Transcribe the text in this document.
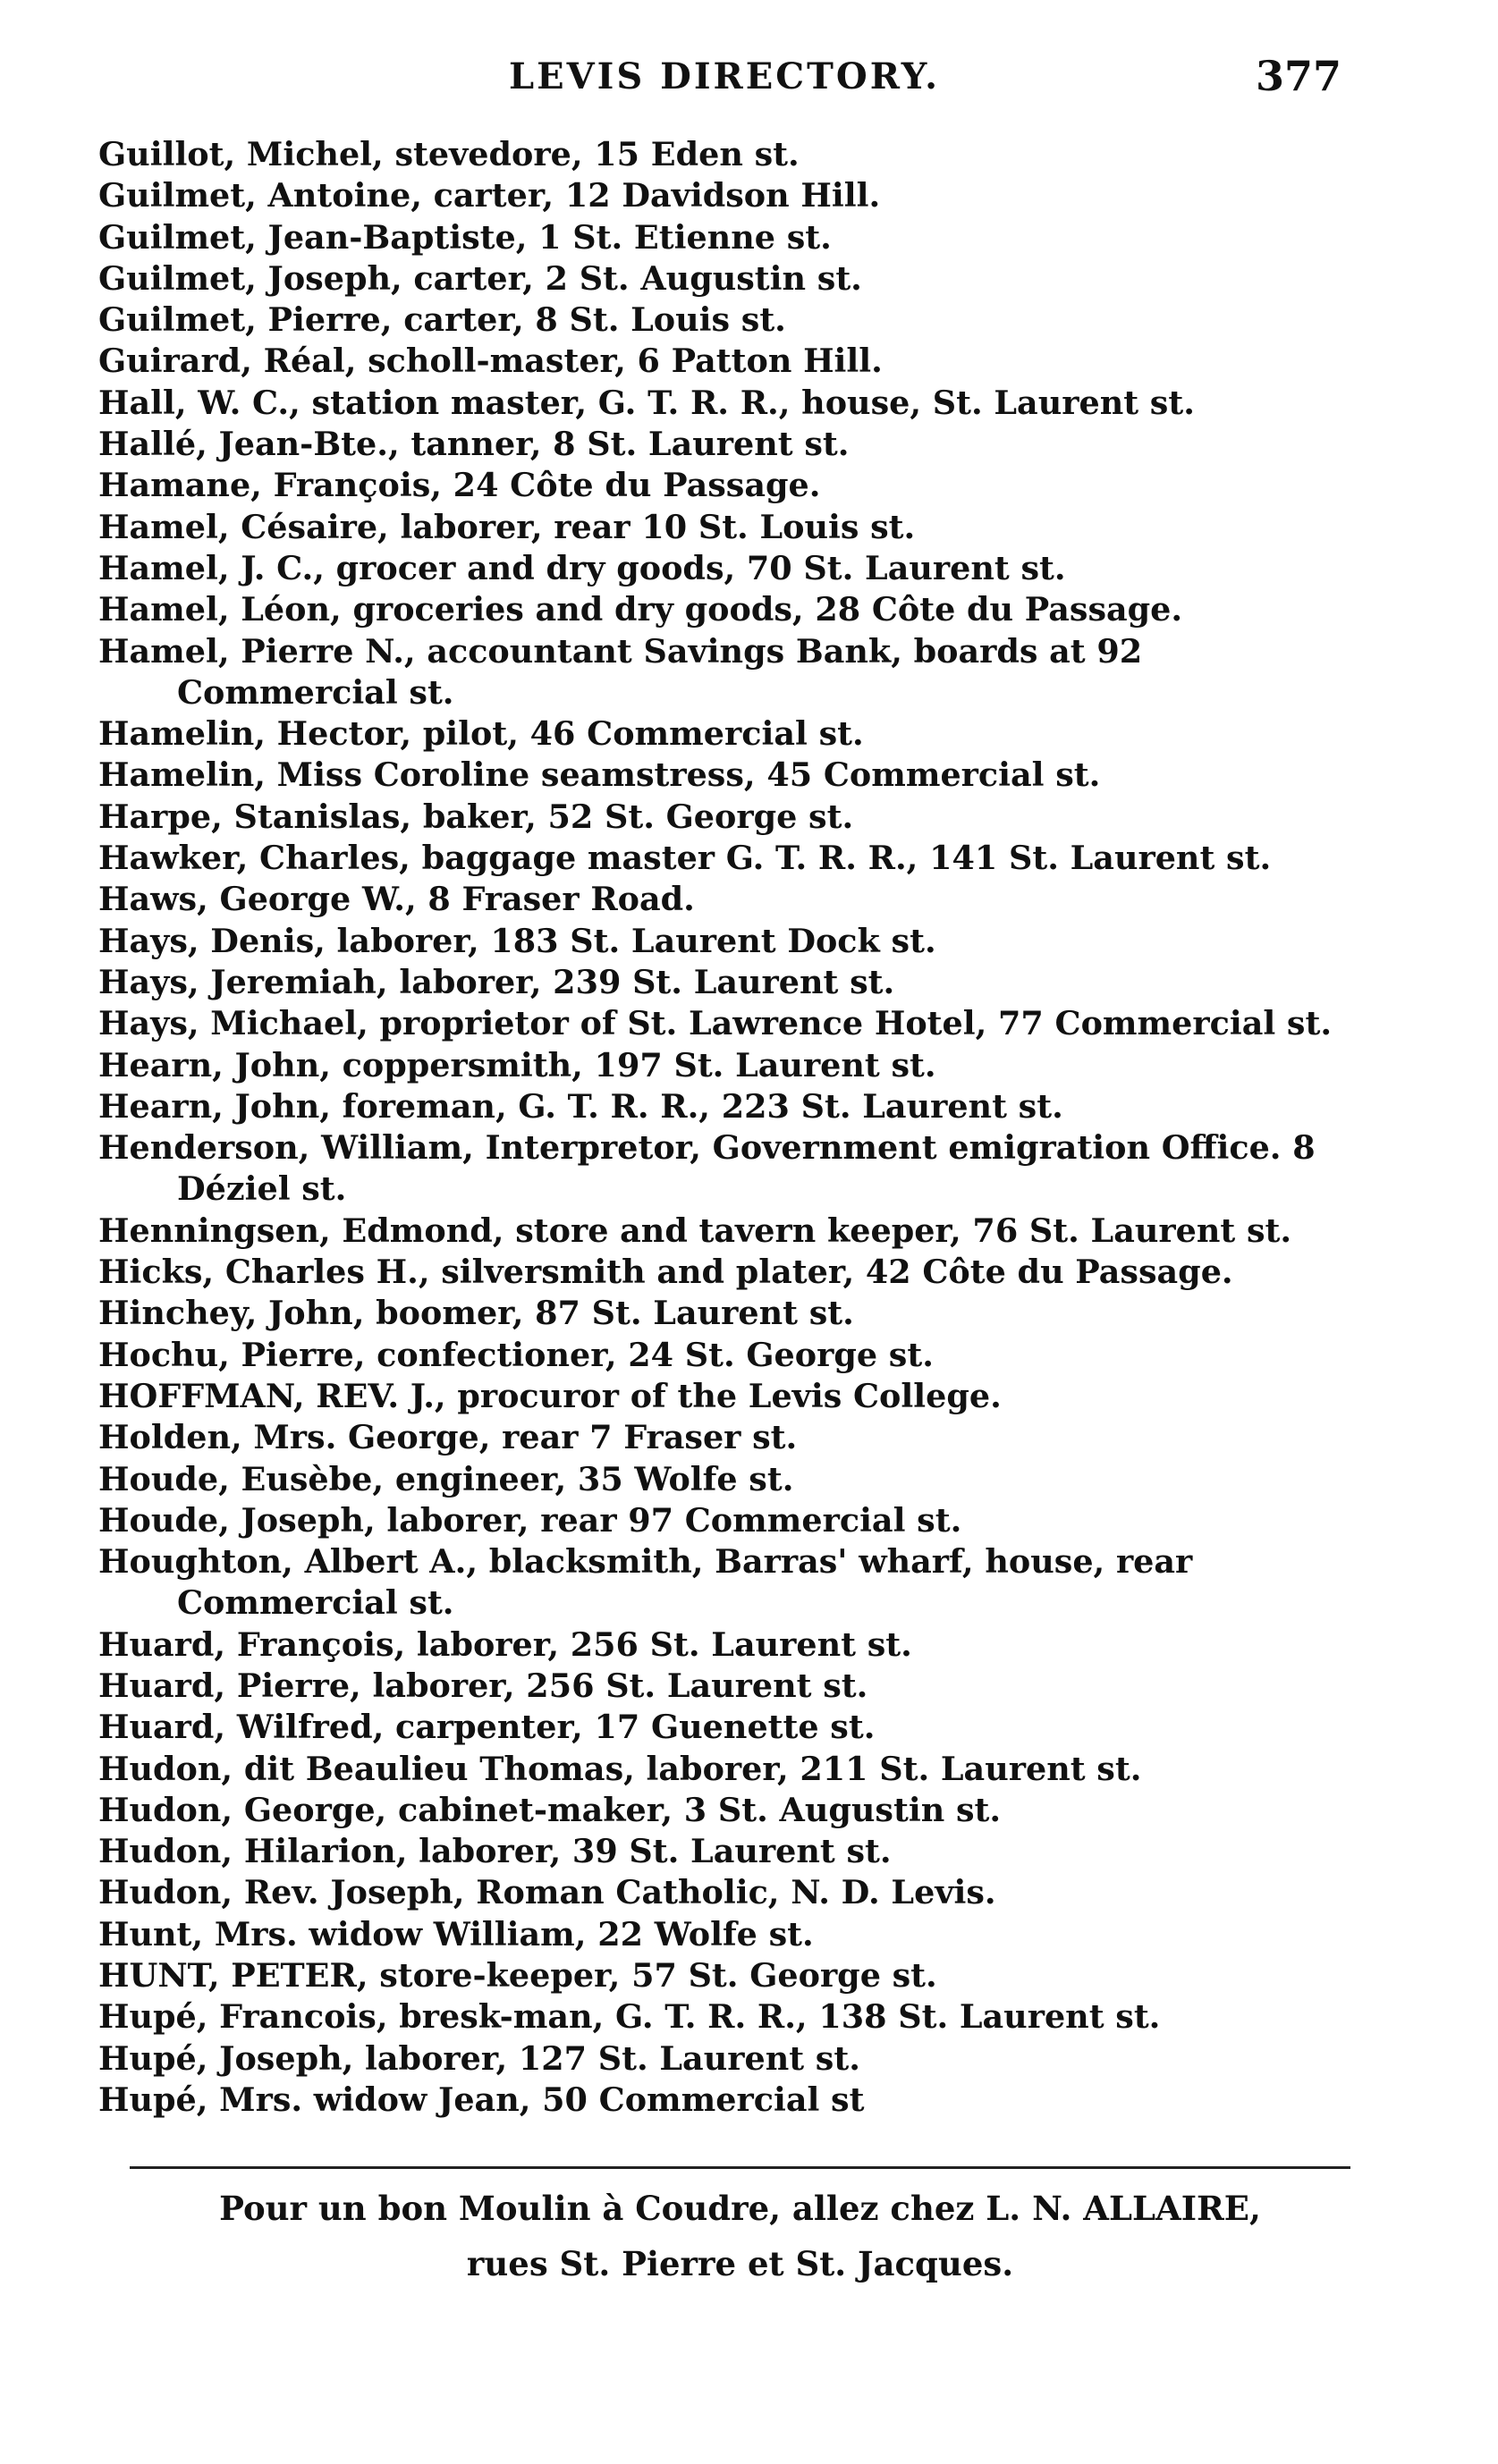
LEVIS DIRECTORY.	377
Guillot, Michel, stevedore, 15 Eden st.
Guilmet, Antoine, carter, 12 Davidson Hill.
Guilmet, Jean-Baptiste, 1 St. Etienne st.
Guilmet, Joseph, carter, 2 St. Augustin st.
Guilmet, Pierre, carter, 8 St. Louis st.
Guirard, Réal, scholl-master, 6 Patton Hill.
Hall, W. C., station master, G. T. R. R., house, St. Laurent st.
Hallé, Jean-Bte., tanner, 8 St. Laurent st.
Hamane, François, 24 Côte du Passage.
Hamel, Césaire, laborer, rear 10 St. Louis st.
Hamel, J. C., grocer and dry goods, 70 St. Laurent st.
Hamel, Léon, groceries and dry goods, 28 Côte du Passage.
Hamel, Pierre N., accountant Savings Bank, boards at 92 Commercial st.
Hamelin, Hector, pilot, 46 Commercial st.
Hamelin, Miss Coroline seamstress, 45 Commercial st.
Harpe, Stanislas, baker, 52 St. George st.
Hawker, Charles, baggage master G. T. R. R., 141 St. Laurent st.
Haws, George W., 8 Fraser Road.
Hays, Denis, laborer, 183 St. Laurent Dock st.
Hays, Jeremiah, laborer, 239 St. Laurent st.
Hays, Michael, proprietor of St. Lawrence Hotel, 77 Commercial st.
Hearn, John, coppersmith, 197 St. Laurent st.
Hearn, John, foreman, G. T. R. R., 223 St. Laurent st.
Henderson, William, Interpretor, Government emigration Office. 8 Déziel st.
Henningsen, Edmond, store and tavern keeper, 76 St. Laurent st.
Hicks, Charles H., silversmith and plater, 42 Côte du Passage.
Hinchey, John, boomer, 87 St. Laurent st.
Hochu, Pierre, confectioner, 24 St. George st.
HOFFMAN, REV. J., procuror of the Levis College.
Holden, Mrs. George, rear 7 Fraser st.
Houde, Eusèbe, engineer, 35 Wolfe st.
Houde, Joseph, laborer, rear 97 Commercial st.
Houghton, Albert A., blacksmith, Barras' wharf, house, rear Commercial st.
Huard, François, laborer, 256 St. Laurent st.
Huard, Pierre, laborer, 256 St. Laurent st.
Huard, Wilfred, carpenter, 17 Guenette st.
Hudon, dit Beaulieu Thomas, laborer, 211 St. Laurent st.
Hudon, George, cabinet-maker, 3 St. Augustin st.
Hudon, Hilarion, laborer, 39 St. Laurent st.
Hudon, Rev. Joseph, Roman Catholic, N. D. Levis.
Hunt, Mrs. widow William, 22 Wolfe st.
HUNT, PETER, store-keeper, 57 St. George st.
Hupé, Francois, bresk-man, G. T. R. R., 138 St. Laurent st.
Hupé, Joseph, laborer, 127 St. Laurent st.
Hupé, Mrs. widow Jean, 50 Commercial st
Pour un bon Moulin à Coudre, allez chez L. N. ALLAIRE,
rues St. Pierre et St. Jacques.
